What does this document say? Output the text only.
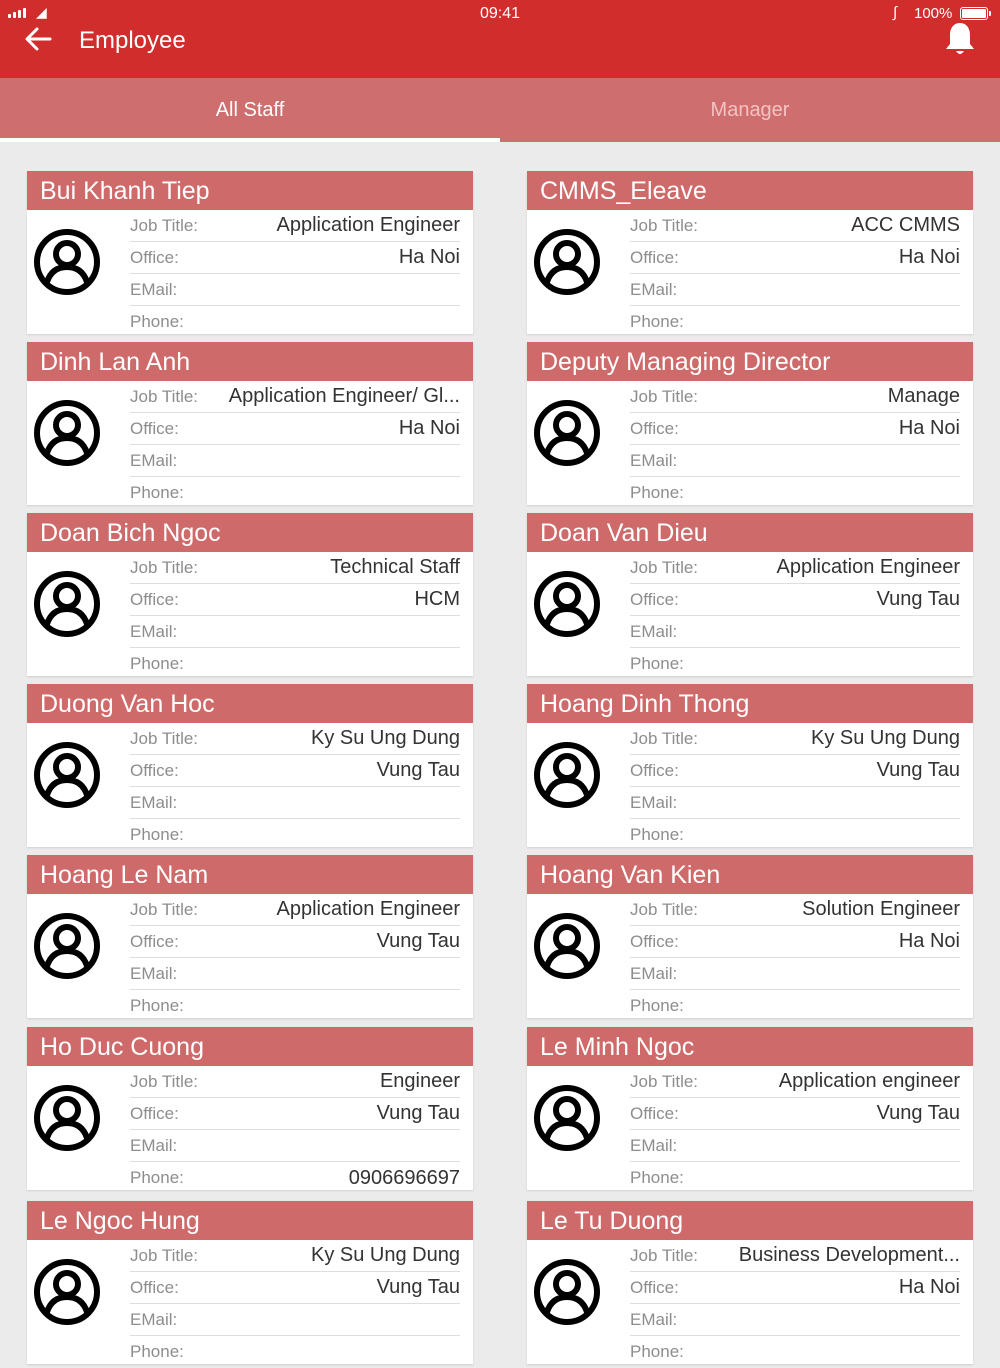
◢	09:41	∫ 100%
Employee
All Staff	Manager
Bui Khanh Tiep
Job Title:	Application Engineer
Office:	Ha Noi
EMail:
Phone:
CMMS_Eleave
Job Title:	ACC CMMS
Office:	Ha Noi
EMail:
Phone:
Dinh Lan Anh
Job Title:	Application Engineer/ Gl...
Office:	Ha Noi
EMail:
Phone:
Deputy Managing Director
Job Title:	Manage
Office:	Ha Noi
EMail:
Phone:
Doan Bich Ngoc
Job Title:	Technical Staff
Office:	HCM
EMail:
Phone:
Doan Van Dieu
Job Title:	Application Engineer
Office:	Vung Tau
EMail:
Phone:
Duong Van Hoc
Job Title:	Ky Su Ung Dung
Office:	Vung Tau
EMail:
Phone:
Hoang Dinh Thong
Job Title:	Ky Su Ung Dung
Office:	Vung Tau
EMail:
Phone:
Hoang Le Nam
Job Title:	Application Engineer
Office:	Vung Tau
EMail:
Phone:
Hoang Van Kien
Job Title:	Solution Engineer
Office:	Ha Noi
EMail:
Phone:
Ho Duc Cuong
Job Title:	Engineer
Office:	Vung Tau
EMail:
Phone:	0906696697
Le Minh Ngoc
Job Title:	Application engineer
Office:	Vung Tau
EMail:
Phone:
Le Ngoc Hung
Job Title:	Ky Su Ung Dung
Office:	Vung Tau
EMail:
Phone:
Le Tu Duong
Job Title:	Business Development...
Office:	Ha Noi
EMail:
Phone:
